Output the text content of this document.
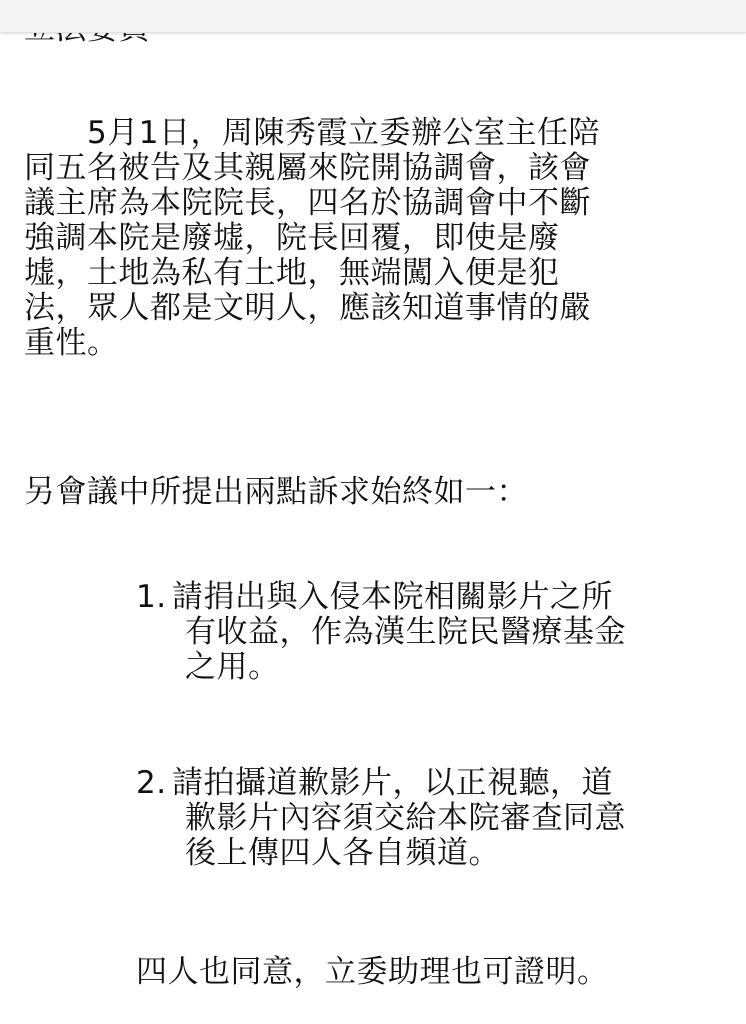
　　5月1日，周陳秀霞立委辦公室主任陪
同五名被告及其親屬來院開協調會，該會
議主席為本院院長，四名於協調會中不斷
強調本院是廢墟，院長回覆，即使是廢
墟，土地為私有土地，無端闖入便是犯
法，眾人都是文明人，應該知道事情的嚴
重性。
另會議中所提出兩點訴求始終如一：
1. 請捐出與入侵本院相關影片之所
有收益，作為漢生院民醫療基金
之用。
2. 請拍攝道歉影片，以正視聽，道
歉影片內容須交給本院審查同意
後上傳四人各自頻道。
四人也同意，立委助理也可證明。
